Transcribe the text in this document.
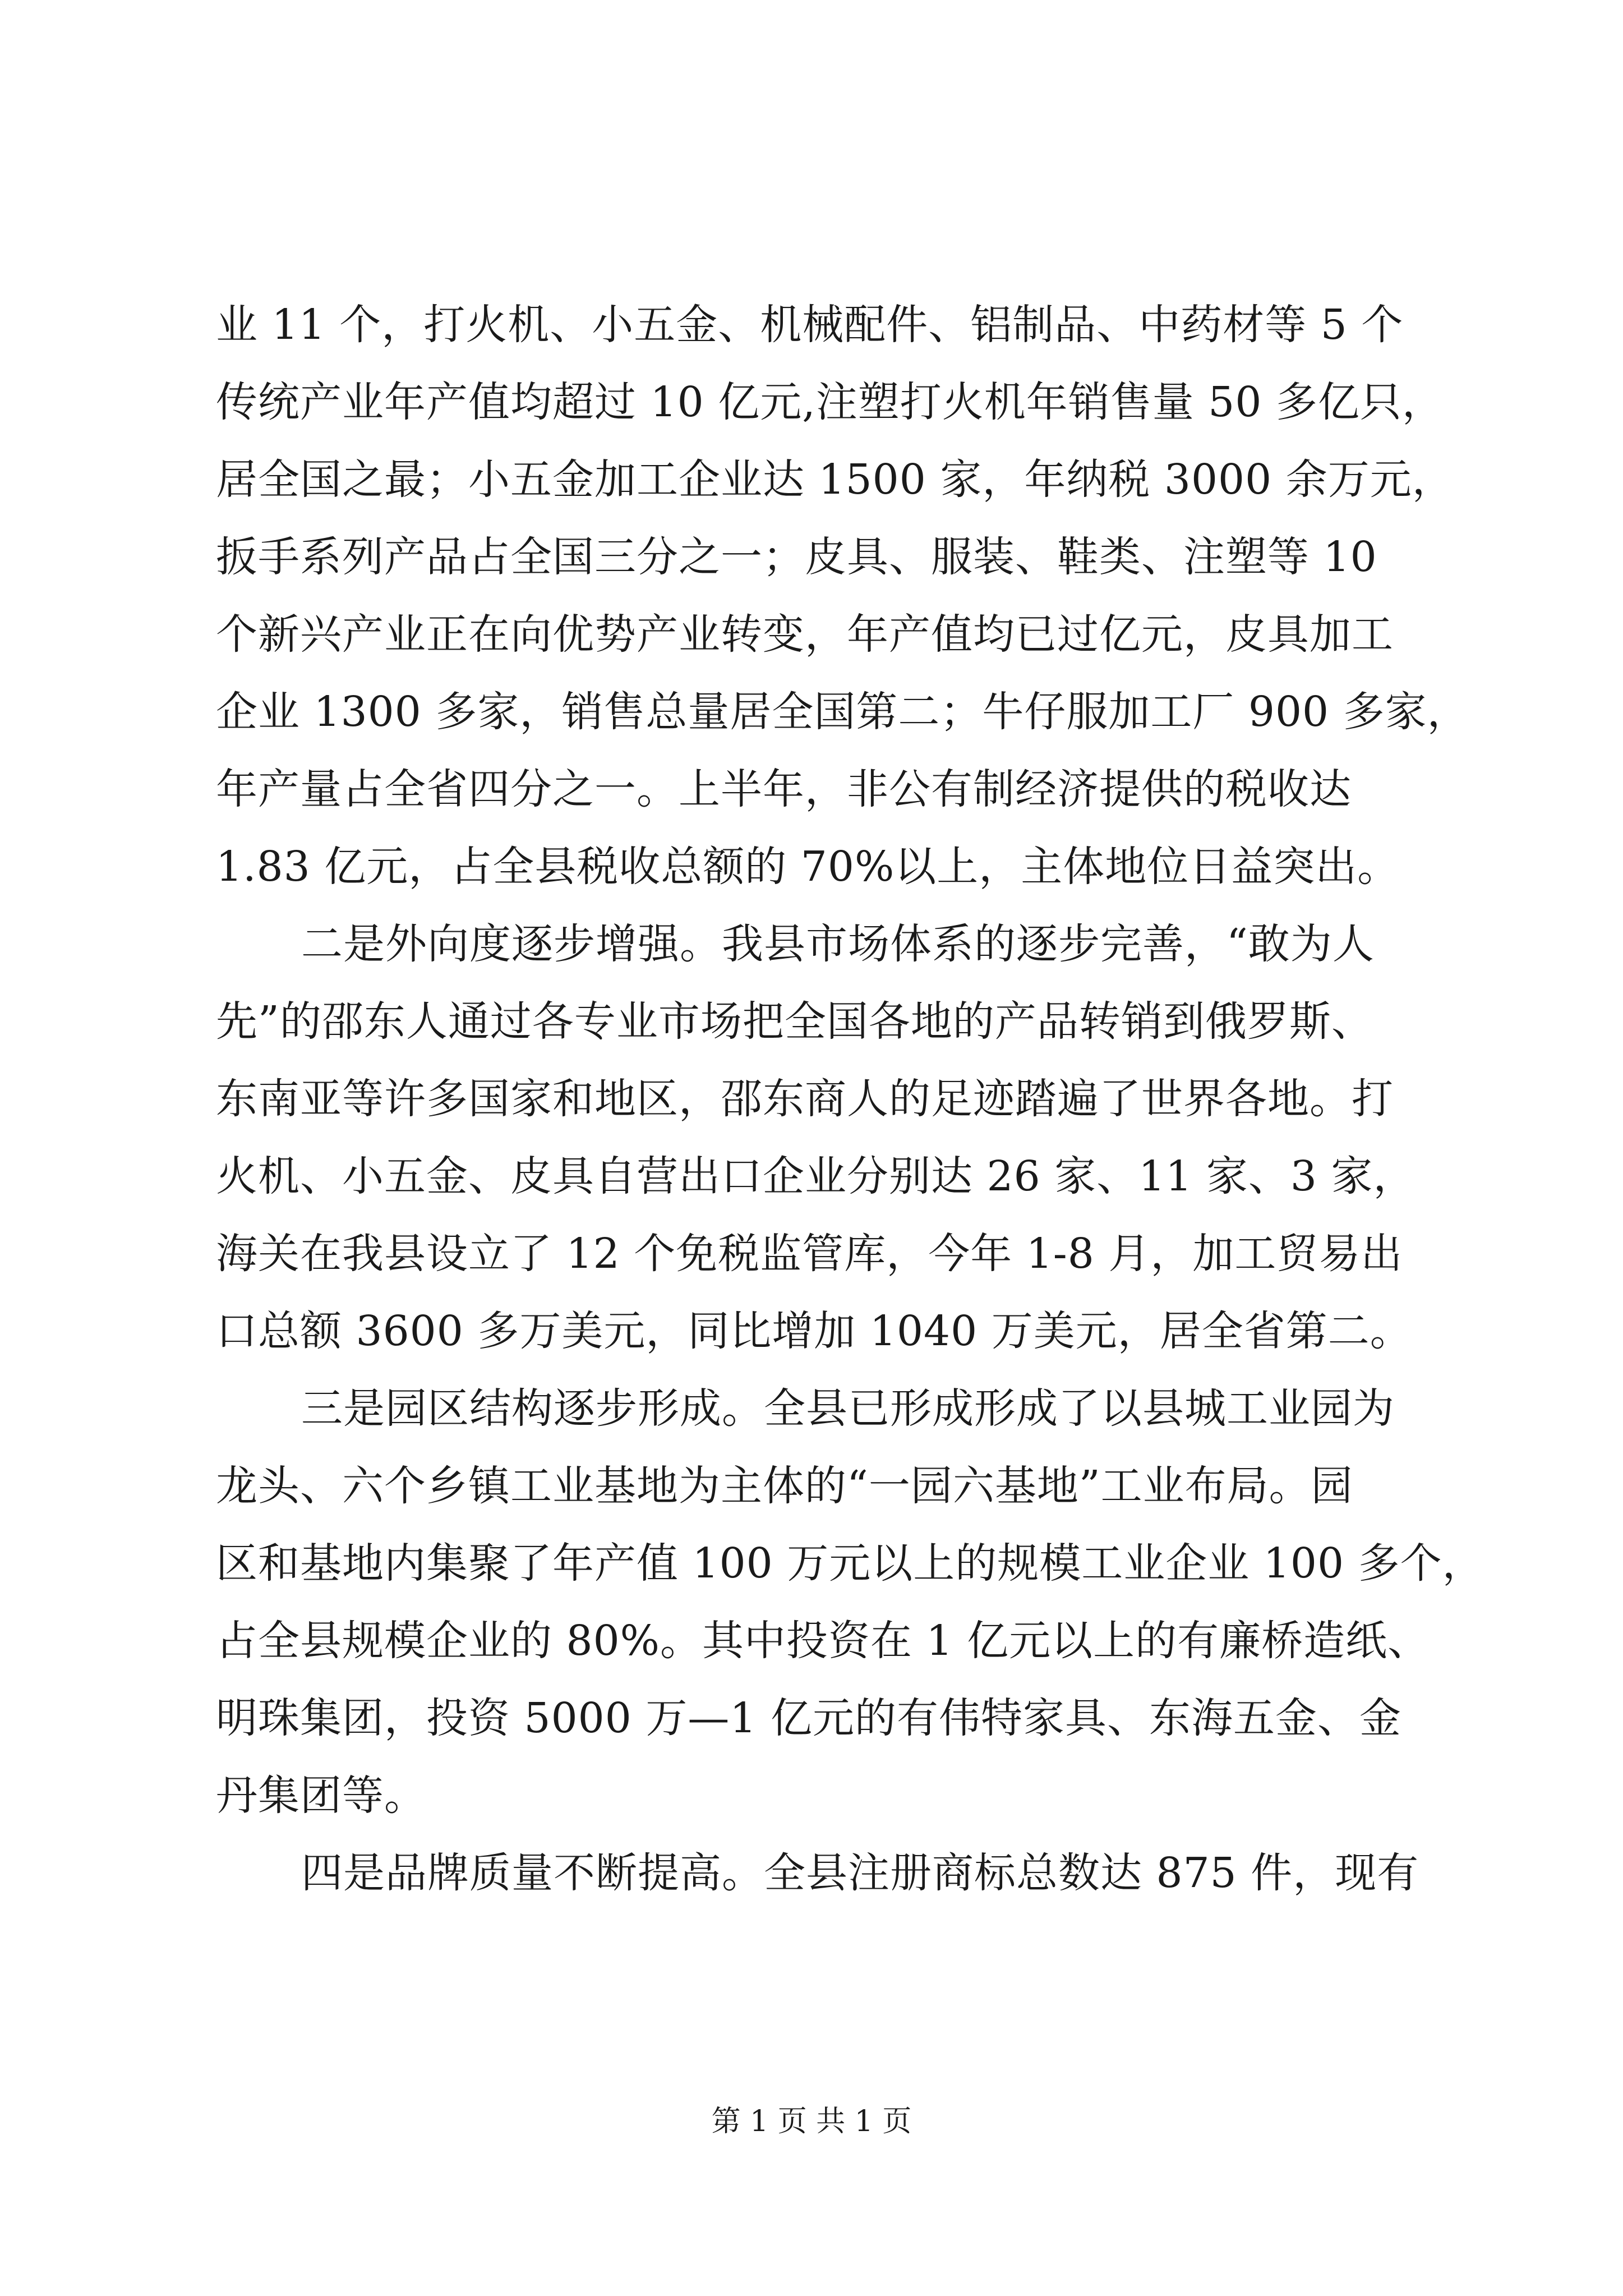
业 11 个，打火机、小五金、机械配件、铝制品、中药材等 5 个
传统产业年产值均超过 10 亿元,注塑打火机年销售量 50 多亿只，
居全国之最；小五金加工企业达 1500 家，年纳税 3000 余万元，
扳手系列产品占全国三分之一；皮具、服装、鞋类、注塑等 10
个新兴产业正在向优势产业转变，年产值均已过亿元，皮具加工
企业 1300 多家，销售总量居全国第二；牛仔服加工厂 900 多家，
年产量占全省四分之一。上半年，非公有制经济提供的税收达
1.83 亿元，占全县税收总额的 70%以上，主体地位日益突出。
二是外向度逐步增强。我县市场体系的逐步完善，“敢为人
先”的邵东人通过各专业市场把全国各地的产品转销到俄罗斯、
东南亚等许多国家和地区，邵东商人的足迹踏遍了世界各地。打
火机、小五金、皮具自营出口企业分别达 26 家、11 家、3 家，
海关在我县设立了 12 个免税监管库，今年 1-8 月，加工贸易出
口总额 3600 多万美元，同比增加 1040 万美元，居全省第二。
三是园区结构逐步形成。全县已形成形成了以县城工业园为
龙头、六个乡镇工业基地为主体的“一园六基地”工业布局。园
区和基地内集聚了年产值 100 万元以上的规模工业企业 100 多个，
占全县规模企业的 80%。其中投资在 1 亿元以上的有廉桥造纸、
明珠集团，投资 5000 万—1 亿元的有伟特家具、东海五金、金
丹集团等。
四是品牌质量不断提高。全县注册商标总数达 875 件，现有
第 1 页 共 1 页
